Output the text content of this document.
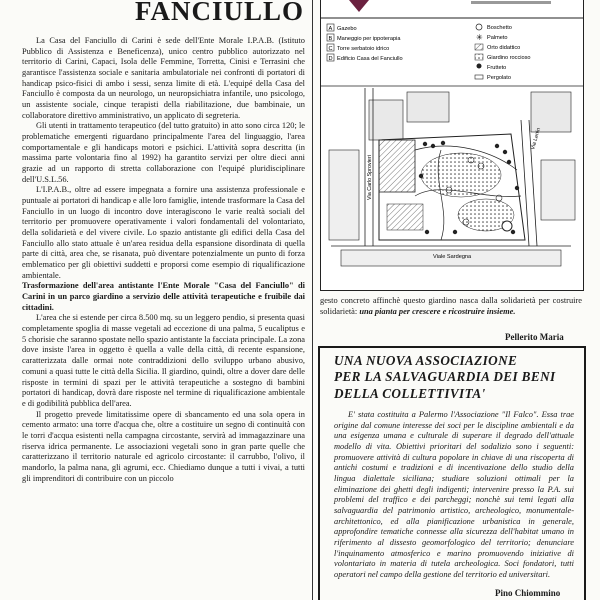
FANCIULLO

La Casa del Fanciullo di Carini è sede dell'Ente Morale I.P.A.B. (Istituto Pubblico di Assistenza e Beneficenza), unico centro pubblico autorizzato nel territorio di Carini, Capaci, Isola delle Femmine, Torretta, Cinisi e Terrasini che garantisce l'assistenza sociale e sanitaria ambulatoriale nei confronti di portatori di handicap psico-fisici di ambo i sessi, senza limite di età. L'equipé della Casa del Fanciullo è composta da un neurologo, un neuropsichiatra infantile, uno psicologo, un assistente sociale, cinque terapisti della riabilitazione, due bambinaie, un collaboratore direttivo amministrativo, un applicato di segreteria.

Gli utenti in trattamento terapeutico (del tutto gratuito) in atto sono circa 120; le problematiche emergenti riguardano principalmente l'area del linguaggio, l'area comportamentale e gli handicaps motori e psichici. L'attività sopra descritta (in massima parte volontaria fino al 1992) ha garantito servizi per oltre dieci anni grazie ad un rapporto di stretta collaborazione con l'equipé pluridisciplinare dell'U.S.L.56.

L'I.P.A.B., oltre ad essere impegnata a fornire una assistenza professionale e puntuale ai portatori di handicap e alle loro famiglie, intende trasformare la Casa del Fanciullo in un luogo di incontro dove interagiscono le varie realtà sociali del territorio per promuovere operativamente i valori fondamentali del volontariato, della solidarietà e del vivere civile. Lo spazio antistante gli edifici della Casa del Fanciullo allo stato attuale è un'area residua della espansione disordinata di quella parte di città, area che, se risanata, può diventare potenzialmente un punto di forza emblematico per gli obiettivi suddetti e proporsi come esempio di riqualificazione ambientale.

Trasformazione dell'area antistante l'Ente Morale "Casa del Fanciullo" di Carini in un parco giardino a servizio delle attività terapeutiche e fruibile dai cittadini.

L'area che si estende per circa 8.500 mq. su un leggero pendio, si presenta quasi completamente spoglia di masse vegetali ad eccezione di una palma, 5 eucaliptus e 5 chorisie che saranno spostate nello spazio antistante la facciata principale. La zona dove insiste l'area in oggetto è quella a valle della città, di recente espansione, caratterizzata dalle ormai note contraddizioni dello sviluppo urbano abusivo, comuni a quasi tutte le città della Sicilia. Il giardino, quindi, oltre a dover dare delle risposte in termini di spazi per le attività terapeutiche a sostegno di bambini portatori di handicap, dovrà dare risposte nel termine di riqualificazione ambientale e di godibilità pubblica dell'area.

Il progetto prevede limitatissime opere di sbancamento ed una sola opera in cemento armato: una torre d'acqua che, oltre a costituire un segno di continuità con le torri d'acqua esistenti nella campagna circostante, servirà ad immagazzinare una riserva idrica permanente. Le associazioni vegetali sono in gran parte quelle che caratterizzano il territorio naturale ed agricolo circostante: il carrubbo, l'olivo, il mandorlo, la palma nana, gli agrumi, ecc. Chiediamo dunque a tutti i vivai, a tutti gli imprenditori di contribuire con un piccolo

A Gazebo
B Maneggio per ippoterapia
C Torre serbatoio idrico
D Edificio Casa del Fanciullo
Boschetto
✳ Palmeto
Orto didattico
Giardino roccioso
Frutteto
Pergolato
Via Carlo Sprovieri
Via Lenin
Viale Sardegna

gesto concreto affinchè questo giardino nasca dalla solidarietà per costruire solidarietà: una pianta per crescere e ricostruire insieme.

Pellerito Maria
UNA NUOVA ASSOCIAZIONE
PER LA SALVAGUARDIA DEI BENI
DELLA COLLETTIVITA'
E' stata costituita a Palermo l'Associazione "Il Falco". Essa trae origine dal comune interesse dei soci per le discipline ambientali e da una esigenza umana e culturale di superare il degrado dell'attuale modello di vita. Obiettivi prioritari del sodalizio sono i seguenti: promuovere attività di cultura popolare in chiave di una riscoperta di antichi costumi e tradizioni e di incentivazione dello studio della lingua dialettale siciliana; studiare soluzioni ottimali per la eliminazione dei ghetti degli indigenti; intervenire presso la P.A. sui problemi del traffico e dei parcheggi; nonchè sui temi legati alla salvaguardia del patrimonio artistico, archeologico, monumentale-architettonico, ed alla pianificazione urbanistica in generale, approfondire tematiche connesse alla sicurezza dell'habitat umano in riferimento al dissesto geomorfologico del territorio; denunciare l'inquinamento atmosferico e marino promuovendo iniziative di volontariato in materia di tutela archeologica. Soci fondatori, tutti operatori nel campo della gestione del territorio ed universitari.
Pino Chiommino
